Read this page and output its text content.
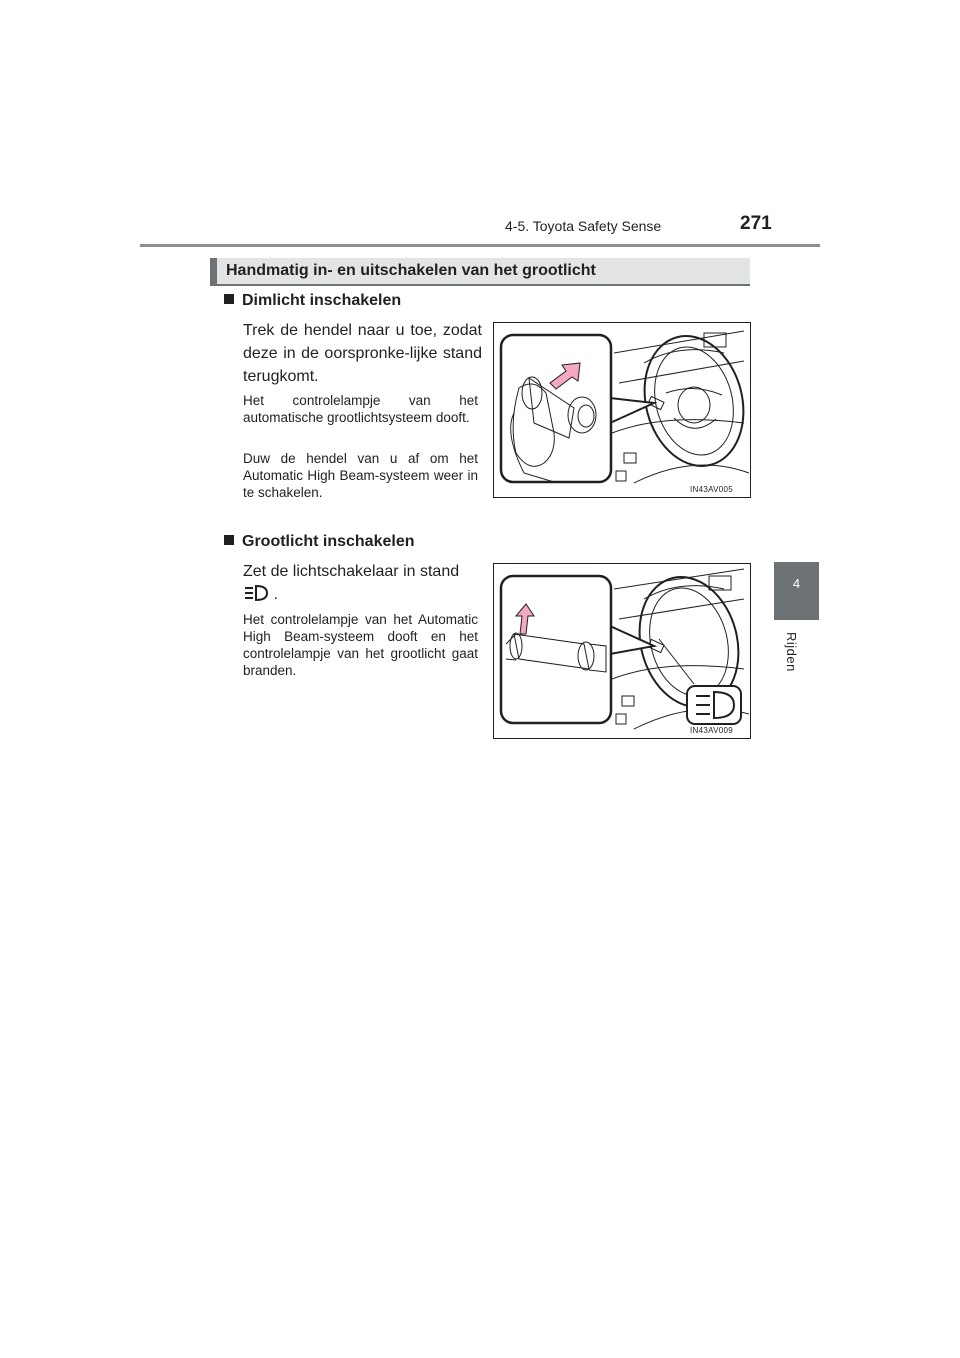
4-5. Toyota Safety Sense	271
4
Rijden
Handmatig in- en uitschakelen van het grootlicht
Dimlicht inschakelen
Trek de hendel naar u toe, zodat deze in de oorspronke-lijke stand terugkomt.
Het controlelampje van het automatische grootlichtsysteem dooft.
Duw de hendel van u af om het Automatic High Beam-systeem weer in te schakelen.	IN43AV005
Grootlicht inschakelen
Zet de lichtschakelaar in stand
.
Het controlelampje van het Automatic High Beam-systeem dooft en het controlelampje van het grootlicht gaat branden.
IN43AV009
